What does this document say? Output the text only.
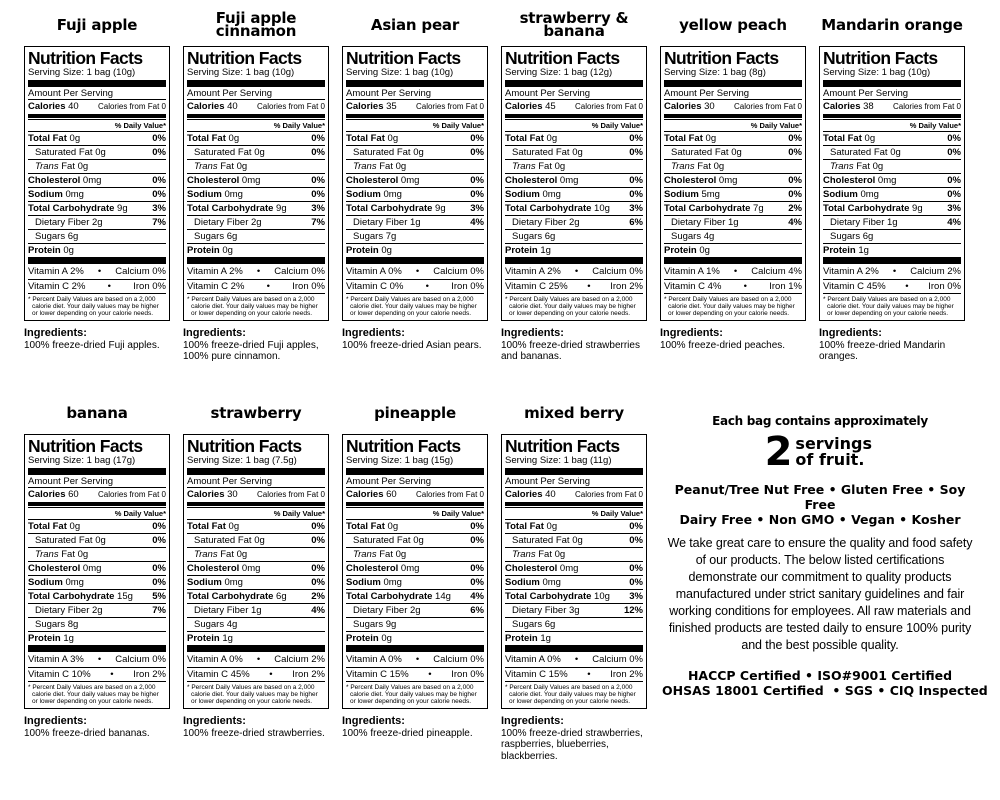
Fuji apple
Nutrition Facts
Serving Size: 1 bag (10g)
Amount Per Serving
Calories 40 Calories from Fat 0
% Daily Value*
Total Fat 0g	0%
Saturated Fat 0g	0%
Trans Fat 0g
Cholesterol 0mg	0%
Sodium 0mg	0%
Total Carbohydrate 9g	3%
Dietary Fiber 2g	7%
Sugars 6g
Protein 0g
Vitamin A 2% • Calcium 0%
Vitamin C 2% • Iron 0%
* Percent Daily Values are based on a 2,000 calorie diet. Your daily values may be higher or lower depending on your calorie needs.
Ingredients:
100% freeze-dried Fuji apples.
Fuji apple cinnamon
Nutrition Facts
Serving Size: 1 bag (10g)
Amount Per Serving
Calories 40 Calories from Fat 0
% Daily Value*
Total Fat 0g	0%
Saturated Fat 0g	0%
Trans Fat 0g
Cholesterol 0mg	0%
Sodium 0mg	0%
Total Carbohydrate 9g	3%
Dietary Fiber 2g	7%
Sugars 6g
Protein 0g
Vitamin A 2% • Calcium 0%
Vitamin C 2% • Iron 0%
* Percent Daily Values are based on a 2,000 calorie diet. Your daily values may be higher or lower depending on your calorie needs.
Ingredients:
100% freeze-dried Fuji apples, 100% pure cinnamon.
Asian pear
Nutrition Facts
Serving Size: 1 bag (10g)
Amount Per Serving
Calories 35 Calories from Fat 0
% Daily Value*
Total Fat 0g	0%
Saturated Fat 0g	0%
Trans Fat 0g
Cholesterol 0mg	0%
Sodium 0mg	0%
Total Carbohydrate 9g	3%
Dietary Fiber 1g	4%
Sugars 7g
Protein 0g
Vitamin A 0% • Calcium 0%
Vitamin C 0% • Iron 0%
* Percent Daily Values are based on a 2,000 calorie diet. Your daily values may be higher or lower depending on your calorie needs.
Ingredients:
100% freeze-dried Asian pears.
strawberry & banana
Nutrition Facts
Serving Size: 1 bag (12g)
Amount Per Serving
Calories 45 Calories from Fat 0
% Daily Value*
Total Fat 0g	0%
Saturated Fat 0g	0%
Trans Fat 0g
Cholesterol 0mg	0%
Sodium 0mg	0%
Total Carbohydrate 10g 3%
Dietary Fiber 2g	6%
Sugars 6g
Protein 1g
Vitamin A 2% • Calcium 0%
Vitamin C 25% • Iron 2%
* Percent Daily Values are based on a 2,000 calorie diet. Your daily values may be higher or lower depending on your calorie needs.
Ingredients:
100% freeze-dried strawberries and bananas.
yellow peach
Nutrition Facts
Serving Size: 1 bag (8g)
Amount Per Serving
Calories 30 Calories from Fat 0
% Daily Value*
Total Fat 0g	0%
Saturated Fat 0g	0%
Trans Fat 0g
Cholesterol 0mg	0%
Sodium 5mg	0%
Total Carbohydrate 7g	2%
Dietary Fiber 1g	4%
Sugars 4g
Protein 0g
Vitamin A 1% • Calcium 4%
Vitamin C 4% • Iron 1%
* Percent Daily Values are based on a 2,000 calorie diet. Your daily values may be higher or lower depending on your calorie needs.
Ingredients:
100% freeze-dried peaches.
Mandarin orange
Nutrition Facts
Serving Size: 1 bag (10g)
Amount Per Serving
Calories 38 Calories from Fat 0
% Daily Value*
Total Fat 0g	0%
Saturated Fat 0g	0%
Trans Fat 0g
Cholesterol 0mg	0%
Sodium 0mg	0%
Total Carbohydrate 9g	3%
Dietary Fiber 1g	4%
Sugars 6g
Protein 1g
Vitamin A 2% • Calcium 2%
Vitamin C 45% • Iron 0%
* Percent Daily Values are based on a 2,000 calorie diet. Your daily values may be higher or lower depending on your calorie needs.
Ingredients:
100% freeze-dried Mandarin oranges.
banana
Nutrition Facts
Serving Size: 1 bag (17g)
Amount Per Serving
Calories 60 Calories from Fat 0
% Daily Value*
Total Fat 0g	0%
Saturated Fat 0g	0%
Trans Fat 0g
Cholesterol 0mg	0%
Sodium 0mg	0%
Total Carbohydrate 15g 5%
Dietary Fiber 2g	7%
Sugars 8g
Protein 1g
Vitamin A 3% • Calcium 0%
Vitamin C 10% • Iron 2%
* Percent Daily Values are based on a 2,000 calorie diet. Your daily values may be higher or lower depending on your calorie needs.
Ingredients:
100% freeze-dried bananas.
strawberry
Nutrition Facts
Serving Size: 1 bag (7.5g)
Amount Per Serving
Calories 30 Calories from Fat 0
% Daily Value*
Total Fat 0g	0%
Saturated Fat 0g	0%
Trans Fat 0g
Cholesterol 0mg	0%
Sodium 0mg	0%
Total Carbohydrate 6g	2%
Dietary Fiber 1g	4%
Sugars 4g
Protein 1g
Vitamin A 0% • Calcium 2%
Vitamin C 45% • Iron 2%
* Percent Daily Values are based on a 2,000 calorie diet. Your daily values may be higher or lower depending on your calorie needs.
Ingredients:
100% freeze-dried strawberries.
pineapple
Nutrition Facts
Serving Size: 1 bag (15g)
Amount Per Serving
Calories 60 Calories from Fat 0
% Daily Value*
Total Fat 0g	0%
Saturated Fat 0g	0%
Trans Fat 0g
Cholesterol 0mg	0%
Sodium 0mg	0%
Total Carbohydrate 14g 4%
Dietary Fiber 2g	6%
Sugars 9g
Protein 0g
Vitamin A 0% • Calcium 0%
Vitamin C 15% • Iron 0%
* Percent Daily Values are based on a 2,000 calorie diet. Your daily values may be higher or lower depending on your calorie needs.
Ingredients:
100% freeze-dried pineapple.
mixed berry
Nutrition Facts
Serving Size: 1 bag (11g)
Amount Per Serving
Calories 40 Calories from Fat 0
% Daily Value*
Total Fat 0g	0%
Saturated Fat 0g	0%
Trans Fat 0g
Cholesterol 0mg	0%
Sodium 0mg	0%
Total Carbohydrate 10g 3%
Dietary Fiber 3g	12%
Sugars 6g
Protein 1g
Vitamin A 0% • Calcium 0%
Vitamin C 15% • Iron 2%
* Percent Daily Values are based on a 2,000 calorie diet. Your daily values may be higher or lower depending on your calorie needs.
Ingredients:
100% freeze-dried strawberries, raspberries, blueberries, blackberries.
Each bag contains approximately
2 servings of fruit.
Peanut/Tree Nut Free • Gluten Free • Soy Free
Dairy Free • Non GMO • Vegan • Kosher
We take great care to ensure the quality and food safety of our products. The below listed certifications demonstrate our commitment to quality products manufactured under strict sanitary guidelines and fair working conditions for employees. All raw materials and finished products are tested daily to ensure 100% purity and the best possible quality.
HACCP Certified • ISO#9001 Certified
OHSAS 18001 Certified  • SGS • CIQ Inspected
